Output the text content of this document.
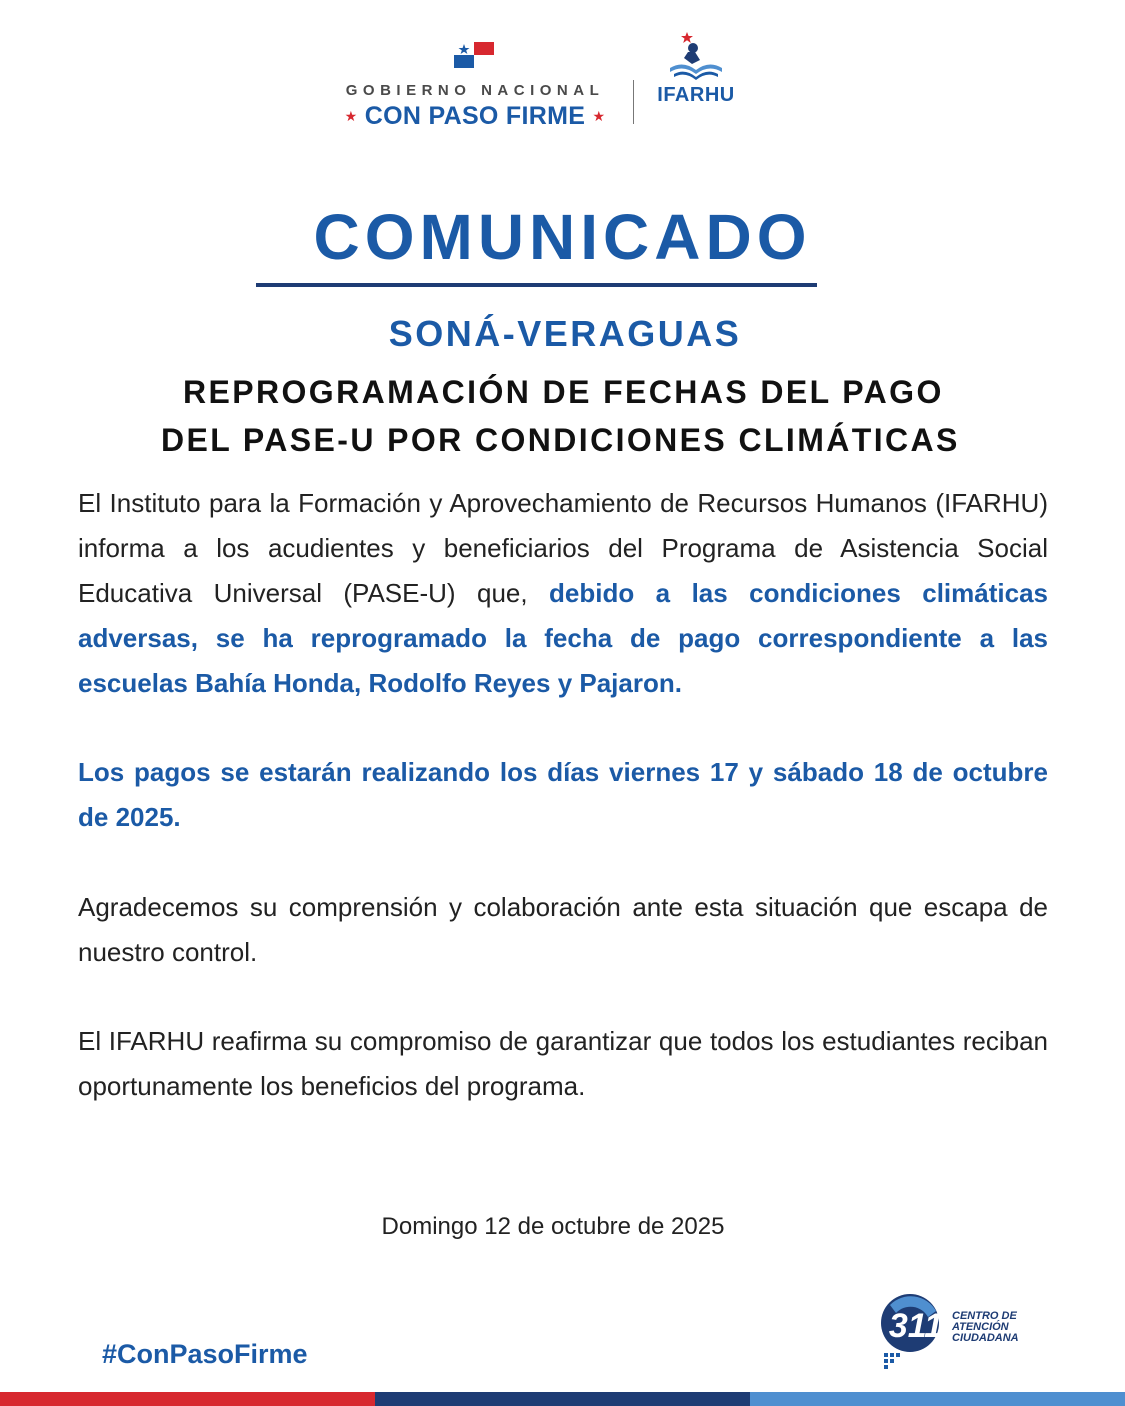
GOBIERNO NACIONAL
★ CON PASO FIRME ★
IFARHU
COMUNICADO
SONÁ-VERAGUAS
REPROGRAMACIÓN DE FECHAS DEL PAGO
DEL PASE-U POR CONDICIONES CLIMÁTICAS
El Instituto para la Formación y Aprovechamiento de Recursos Humanos (IFARHU) informa a los acudientes y beneficiarios del Programa de Asistencia Social Educativa Universal (PASE-U) que, debido a las condiciones climáticas adversas, se ha reprogramado la fecha de pago correspondiente a las escuelas Bahía Honda, Rodolfo Reyes y Pajaron.
Los pagos se estarán realizando los días viernes 17 y sábado 18 de octubre de 2025.
Agradecemos su comprensión y colaboración ante esta situación que escapa de nuestro control.
El IFARHU reafirma su compromiso de garantizar que todos los estudiantes reciban oportunamente los beneficios del programa.
Domingo 12 de octubre de 2025
#ConPasoFirme
311 CENTRO DE
ATENCIÓN
CIUDADANA
